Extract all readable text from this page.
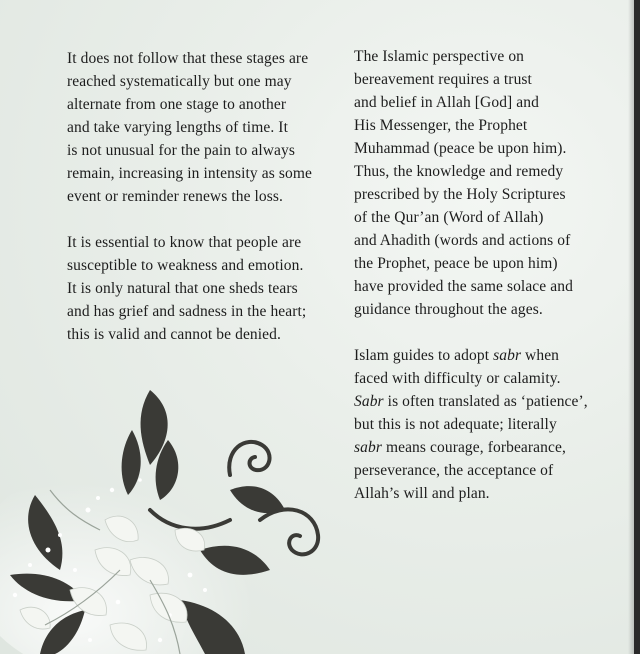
It does not follow that these stages are
reached systematically but one may
alternate from one stage to another
and take varying lengths of time. It
is not unusual for the pain to always
remain, increasing in intensity as some
event or reminder renews the loss.

It is essential to know that people are
susceptible to weakness and emotion.
It is only natural that one sheds tears
and has grief and sadness in the heart;
this is valid and cannot be denied.

The Islamic perspective on
bereavement requires a trust
and belief in Allah [God] and
His Messenger, the Prophet
Muhammad (peace be upon him).
Thus, the knowledge and remedy
prescribed by the Holy Scriptures
of the Qur’an (Word of Allah)
and Ahadith (words and actions of
the Prophet, peace be upon him)
have provided the same solace and
guidance throughout the ages.

Islam guides to adopt sabr when
faced with difficulty or calamity.
Sabr is often translated as ‘patience’,
but this is not adequate; literally
sabr means courage, forbearance,
perseverance, the acceptance of
Allah’s will and plan.
